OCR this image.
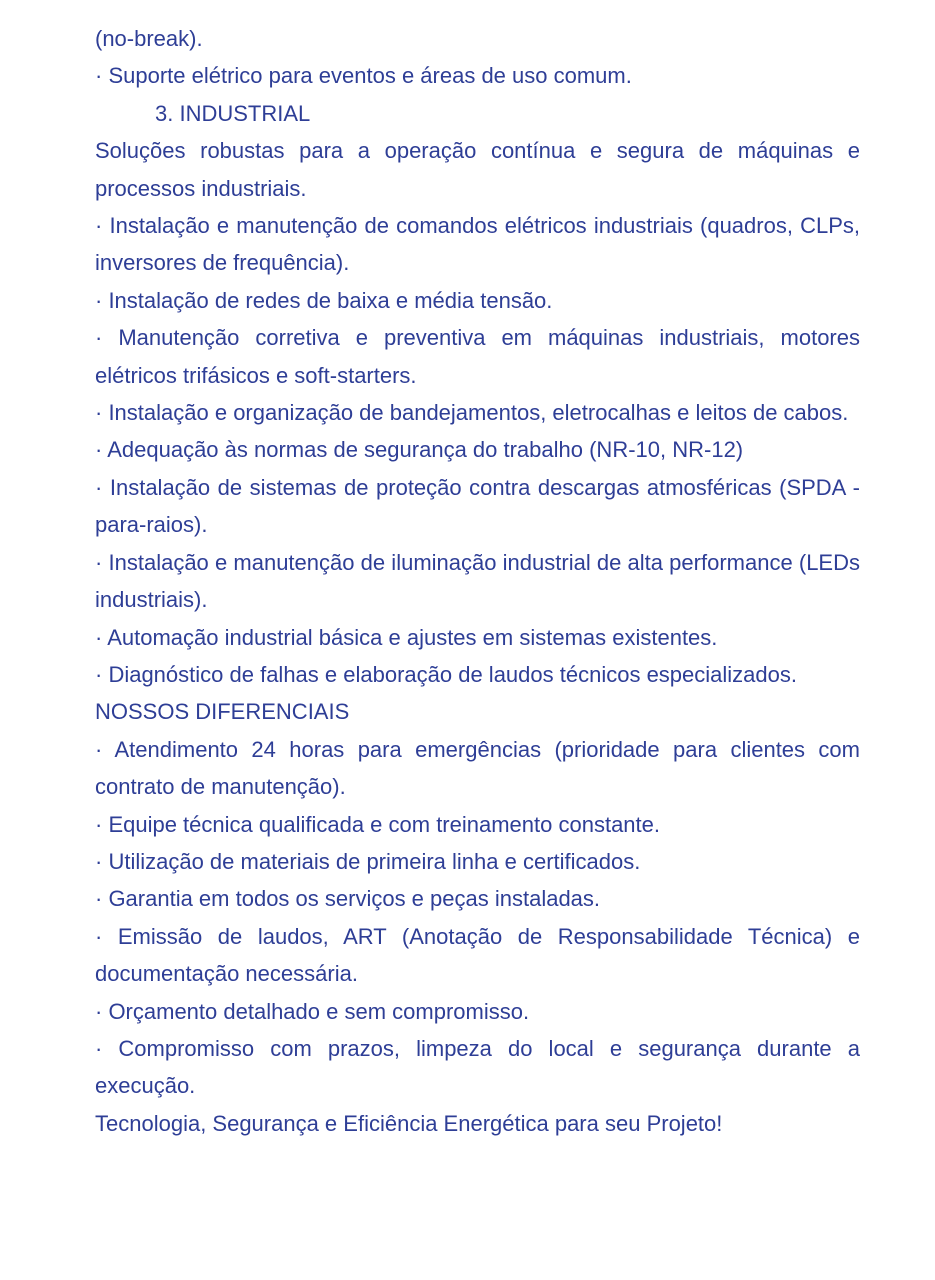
(no-break).

· Suporte elétrico para eventos e áreas de uso comum.

3. INDUSTRIAL

Soluções robustas para a operação contínua e segura de máquinas e processos industriais.

· Instalação e manutenção de comandos elétricos industriais (quadros, CLPs, inversores de frequência).

· Instalação de redes de baixa e média tensão.

· Manutenção corretiva e preventiva em máquinas industriais, motores elétricos trifásicos e soft-starters.

· Instalação e organização de bandejamentos, eletrocalhas e leitos de cabos.

· Adequação às normas de segurança do trabalho (NR-10, NR-12)

· Instalação de sistemas de proteção contra descargas atmosféricas (SPDA - para-raios).

· Instalação e manutenção de iluminação industrial de alta performance (LEDs industriais).

· Automação industrial básica e ajustes em sistemas existentes.

· Diagnóstico de falhas e elaboração de laudos técnicos especializados.

NOSSOS DIFERENCIAIS

· Atendimento 24 horas para emergências (prioridade para clientes com contrato de manutenção).

· Equipe técnica qualificada e com treinamento constante.

· Utilização de materiais de primeira linha e certificados.

· Garantia em todos os serviços e peças instaladas.

· Emissão de laudos, ART (Anotação de Responsabilidade Técnica) e documentação necessária.

· Orçamento detalhado e sem compromisso.

· Compromisso com prazos, limpeza do local e segurança durante a execução.

Tecnologia, Segurança e Eficiência Energética para seu Projeto!
